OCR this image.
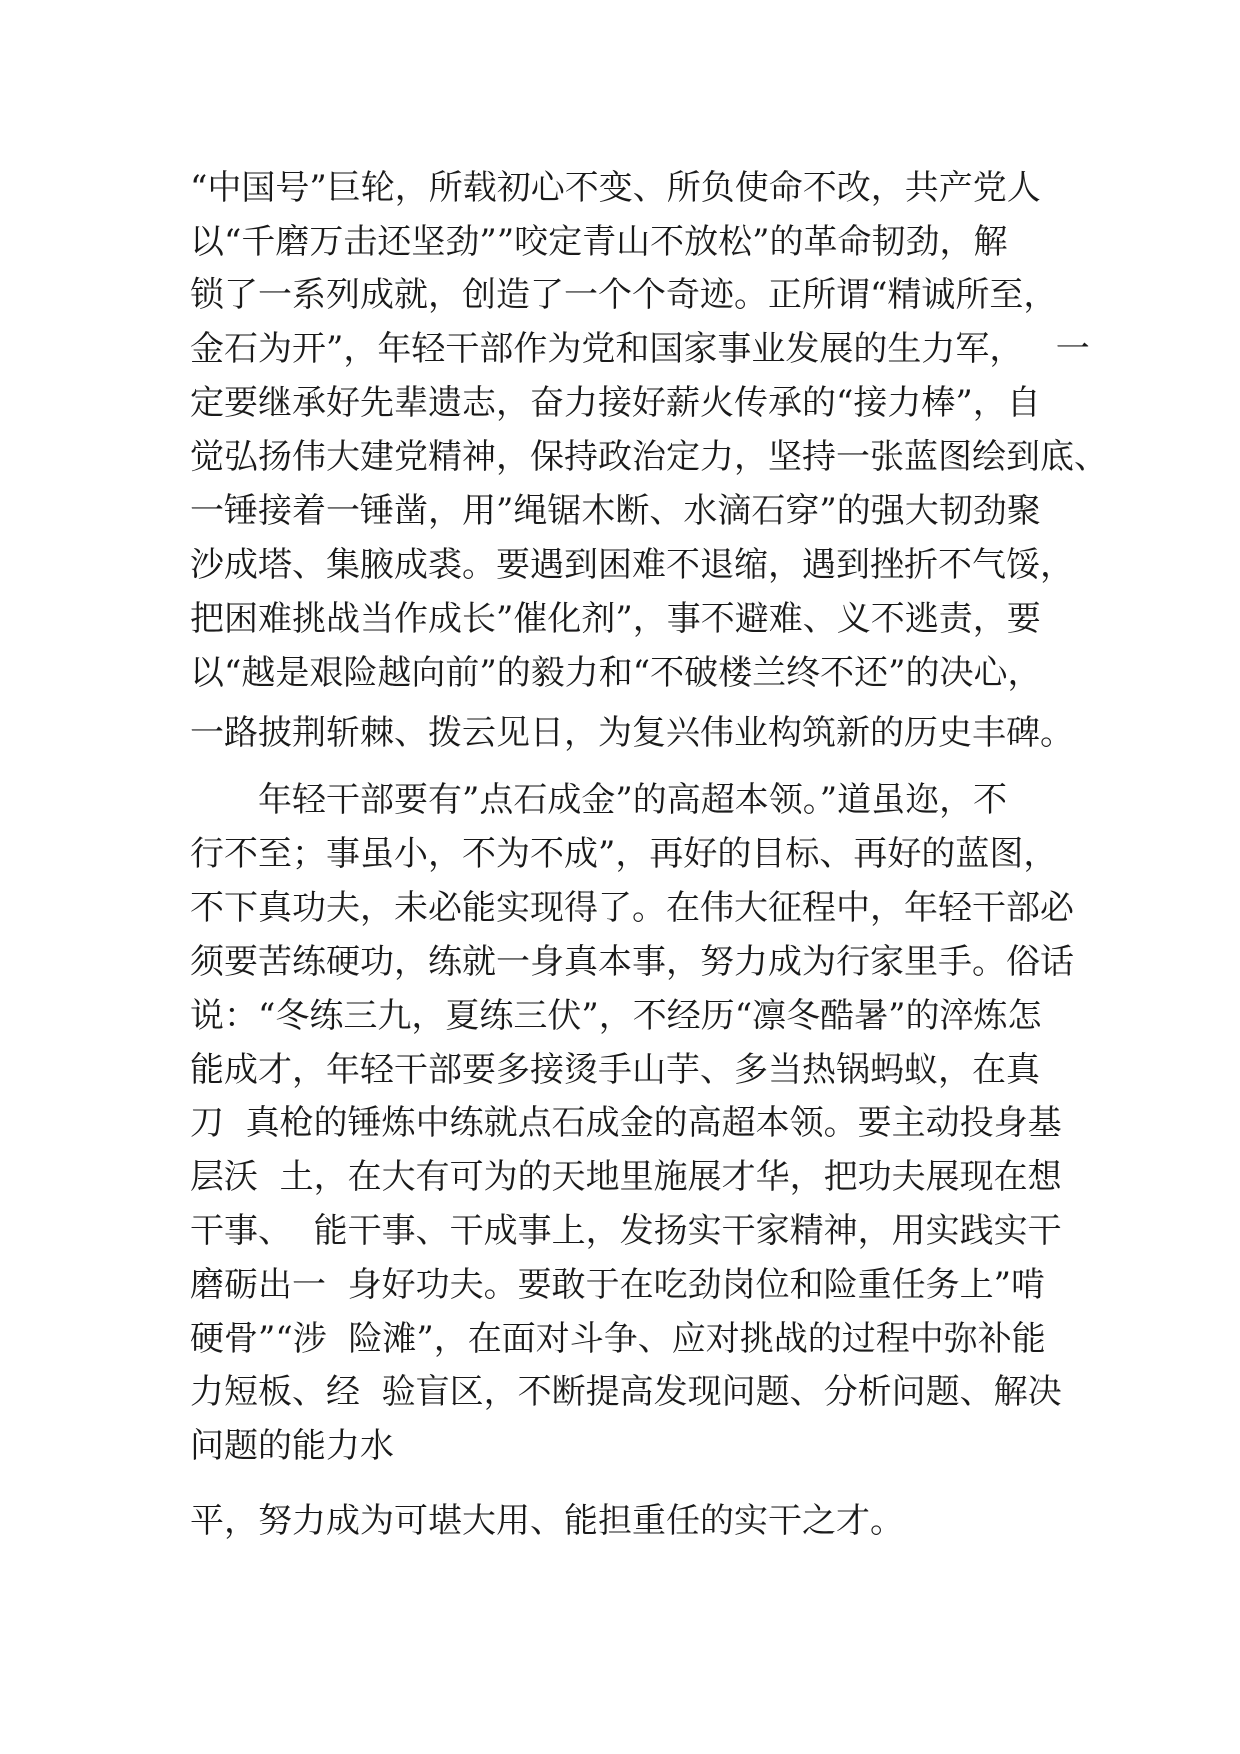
“中国号”巨轮，所载初心不变、所负使命不改，共产党人
以“千磨万击还坚劲””咬定青山不放松”的革命韧劲，解
锁了一系列成就，创造了一个个奇迹。正所谓“精诚所至，
金石为开”，年轻干部作为党和国家事业发展的生力军，   一
定要继承好先辈遗志，奋力接好薪火传承的“接力棒”，自
觉弘扬伟大建党精神，保持政治定力，坚持一张蓝图绘到底、
一锤接着一锤凿，用”绳锯木断、水滴石穿”的强大韧劲聚
沙成塔、集腋成裘。要遇到困难不退缩，遇到挫折不气馁，
把困难挑战当作成长”催化剂”，事不避难、义不逃责，要
以“越是艰险越向前”的毅力和“不破楼兰终不还”的决心，
一路披荆斩棘、拨云见日，为复兴伟业构筑新的历史丰碑。
年轻干部要有”点石成金”的高超本领。”道虽迩，不
行不至；事虽小，不为不成”，再好的目标、再好的蓝图，
不下真功夫，未必能实现得了。在伟大征程中，年轻干部必
须要苦练硬功，练就一身真本事，努力成为行家里手。俗话
说：“冬练三九，夏练三伏”，不经历“凛冬酷暑”的淬炼怎
能成才，年轻干部要多接烫手山芋、多当热锅蚂蚁，在真
刀  真枪的锤炼中练就点石成金的高超本领。要主动投身基
层沃  土，在大有可为的天地里施展才华，把功夫展现在想
干事、  能干事、干成事上，发扬实干家精神，用实践实干
磨砺出一  身好功夫。要敢于在吃劲岗位和险重任务上”啃
硬骨”“涉  险滩”，在面对斗争、应对挑战的过程中弥补能
力短板、经  验盲区，不断提高发现问题、分析问题、解决
问题的能力水
平，努力成为可堪大用、能担重任的实干之才。
